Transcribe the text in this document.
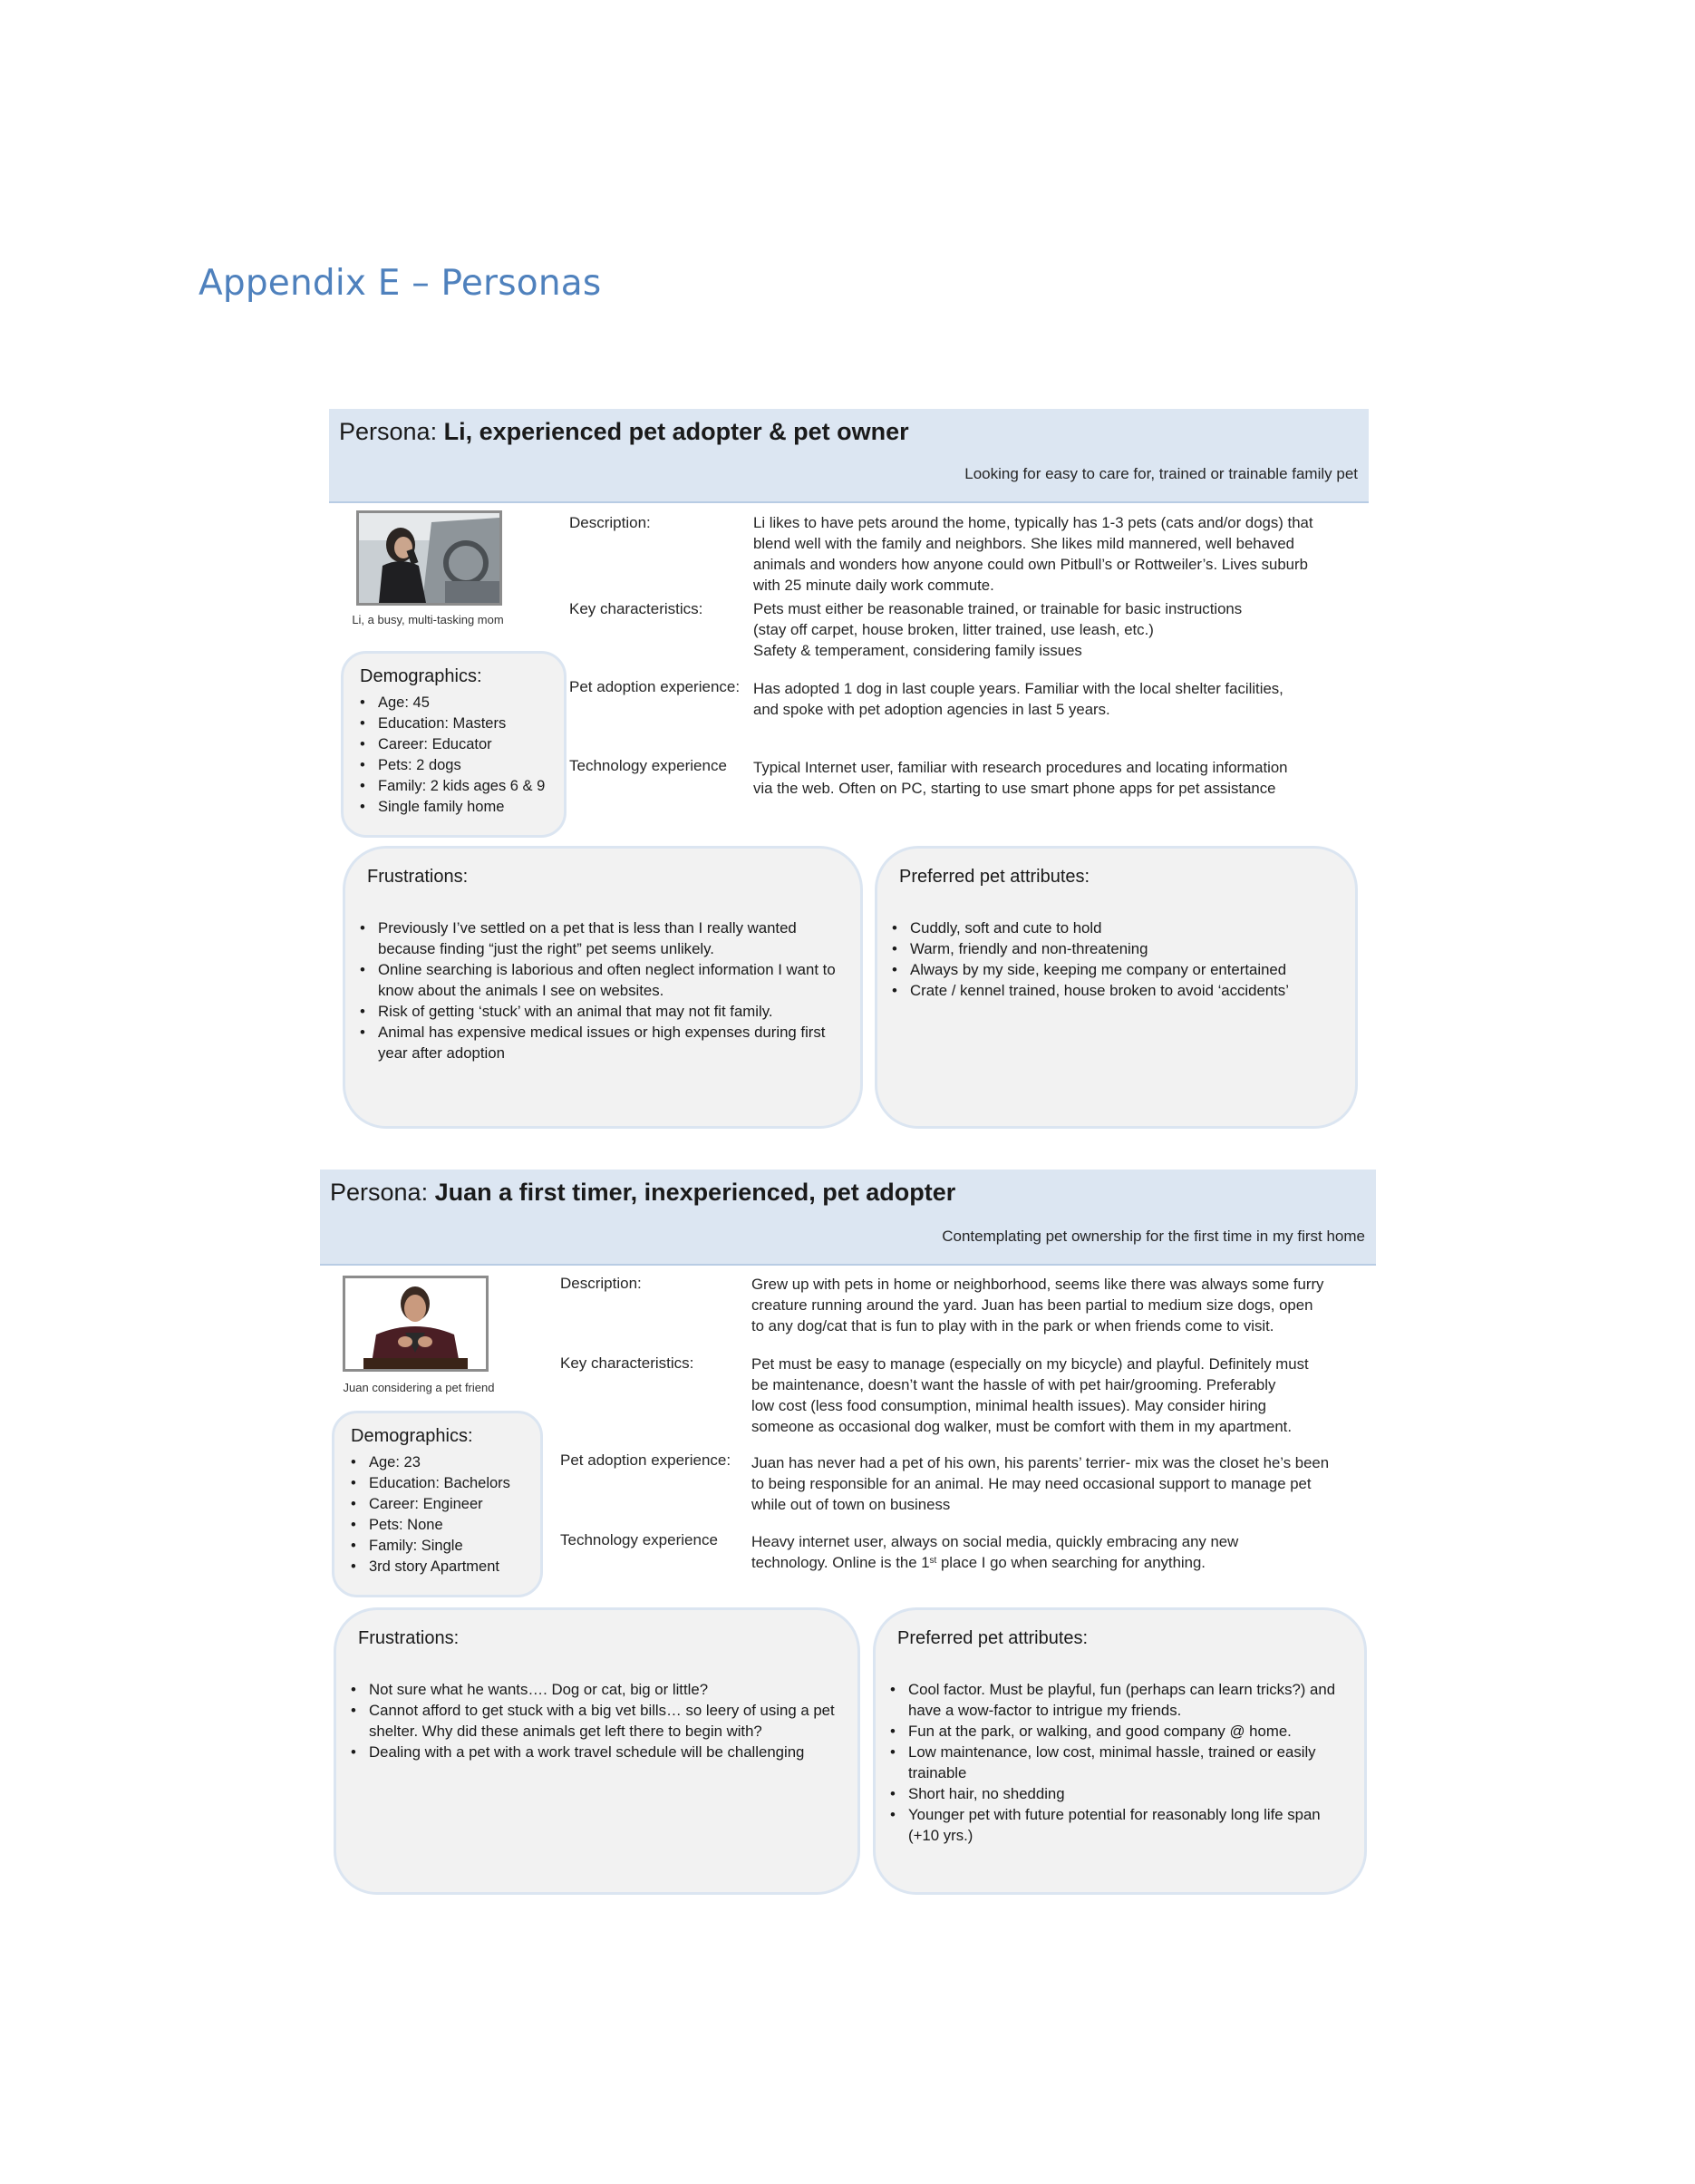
Appendix E – Personas
Persona: Li, experienced pet adopter & pet owner
Looking for easy to care for, trained or trainable family pet
Li, a busy, multi-tasking mom
Demographics:
• Age: 45
• Education: Masters
• Career: Educator
• Pets: 2 dogs
• Family: 2 kids ages 6 & 9
• Single family home
Description:	Li likes to have pets around the home, typically has 1-3 pets (cats and/or dogs) that
blend well with the family and neighbors. She likes mild mannered, well behaved
animals and wonders how anyone could own Pitbull’s or Rottweiler’s. Lives suburb
with 25 minute daily work commute.
Key characteristics:	Pets must either be reasonable trained, or trainable for basic instructions
(stay off carpet, house broken, litter trained, use leash, etc.)
Safety & temperament, considering family issues
Pet adoption experience: Has adopted 1 dog in last couple years. Familiar with the local shelter facilities,
and spoke with pet adoption agencies in last 5 years.
Technology experience Typical Internet user, familiar with research procedures and locating information
via the web. Often on PC, starting to use smart phone apps for pet assistance
Frustrations:
• Previously I’ve settled on a pet that is less than I really wanted because finding “just the right” pet seems unlikely.
• Online searching is laborious and often neglect information I want to know about the animals I see on websites.
• Risk of getting ‘stuck’ with an animal that may not fit family.
• Animal has expensive medical issues or high expenses during first year after adoption
Preferred pet attributes:
• Cuddly, soft and cute to hold
• Warm, friendly and non-threatening
• Always by my side, keeping me company or entertained
• Crate / kennel trained, house broken to avoid ‘accidents’
Persona: Juan a first timer, inexperienced, pet adopter
Contemplating pet ownership for the first time in my first home
Juan considering a pet friend
Demographics:
• Age: 23
• Education: Bachelors
• Career: Engineer
• Pets: None
• Family: Single
• 3rd story Apartment
Description:	Grew up with pets in home or neighborhood, seems like there was always some furry
creature running around the yard. Juan has been partial to medium size dogs, open
to any dog/cat that is fun to play with in the park or when friends come to visit.
Key characteristics:	Pet must be easy to manage (especially on my bicycle) and playful. Definitely must
be maintenance, doesn’t want the hassle of with pet hair/grooming. Preferably
low cost (less food consumption, minimal health issues). May consider hiring
someone as occasional dog walker, must be comfort with them in my apartment.
Pet adoption experience: Juan has never had a pet of his own, his parents’ terrier- mix was the closet he’s been
to being responsible for an animal. He may need occasional support to manage pet
while out of town on business
Technology experience Heavy internet user, always on social media, quickly embracing any new
technology. Online is the 1st place I go when searching for anything.
Frustrations:
• Not sure what he wants…. Dog or cat, big or little?
• Cannot afford to get stuck with a big vet bills… so leery of using a pet shelter. Why did these animals get left there to begin with?
• Dealing with a pet with a work travel schedule will be challenging
Preferred pet attributes:
• Cool factor. Must be playful, fun (perhaps can learn tricks?) and have a wow-factor to intrigue my friends.
• Fun at the park, or walking, and good company @ home.
• Low maintenance, low cost, minimal hassle, trained or easily trainable
• Short hair, no shedding
• Younger pet with future potential for reasonably long life span (+10 yrs.)
